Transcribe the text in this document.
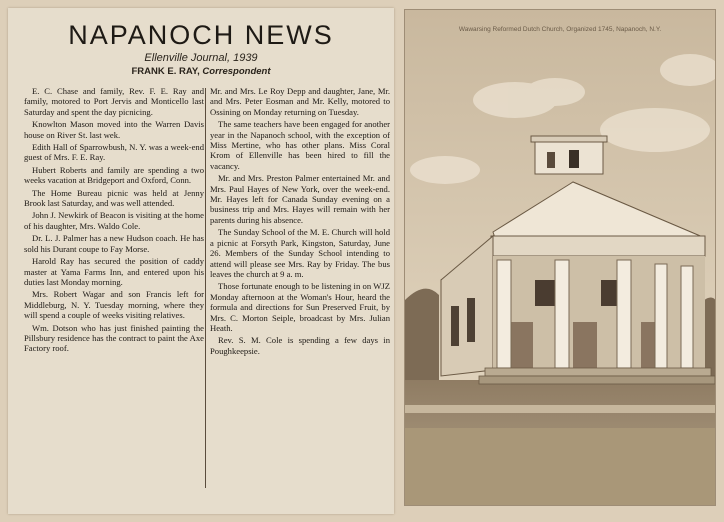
NAPANOCH NEWS
Ellenville Journal, 1939
FRANK E. RAY, Correspondent

E. C. Chase and family, Rev. F. E. Ray and family, motored to Port Jervis and Monticello last Saturday and spent the day picnicing.

Knowlton Mason moved into the Warren Davis house on River St. last wek.

Edith Hall of Sparrowbush, N. Y. was a week-end guest of Mrs. F. E. Ray.

Hubert Roberts and family are spending a two weeks vacation at Bridgeport and Oxford, Conn.

The Home Bureau picnic was held at Jenny Brook last Saturday, and was well attended.

John J. Newkirk of Beacon is visiting at the home of his daughter, Mrs. Waldo Cole.

Dr. L. J. Palmer has a new Hudson coach. He has sold his Durant coupe to Fay Morse.

Harold Ray has secured the position of caddy master at Yama Farms Inn, and entered upon his duties last Monday morning.

Mrs. Robert Wagar and son Francis left for Middleburg, N. Y. Tuesday morning, where they will spend a couple of weeks visiting relatives.

Wm. Dotson who has just finished painting the Pillsbury residence has the contract to paint the Axe Factory roof.

Mr. and Mrs. Le Roy Depp and daughter, Jane, Mr. and Mrs. Peter Eosman and Mr. Kelly, motored to Ossining on Monday returning on Tuesday.

The same teachers have been engaged for another year in the Napanoch school, with the exception of Miss Mertine, who has other plans. Miss Coral Krom of Ellenville has been hired to fill the vacancy.

Mr. and Mrs. Preston Palmer entertained Mr. and Mrs. Paul Hayes of New York, over the week-end. Mr. Hayes left for Canada Sunday evening on a business trip and Mrs. Hayes will remain with her parents during his absence.

The Sunday School of the M. E. Church will hold a picnic at Forsyth Park, Kingston, Saturday, June 26. Members of the Sunday School intending to attend will please see Mrs. Ray by Friday. The bus leaves the church at 9 a. m.

Those fortunate enough to be listening in on WJZ Monday afternoon at the Woman's Hour, heard the formula and directions for Sun Preserved Fruit, by Mrs. C. Morton Seiple, broadcast by Mrs. Julian Heath.

Rev. S. M. Cole is spending a few days in Poughkeepsie.

Wawarsing Reformed Dutch Church, Organized 1745, Napanoch, N.Y.
